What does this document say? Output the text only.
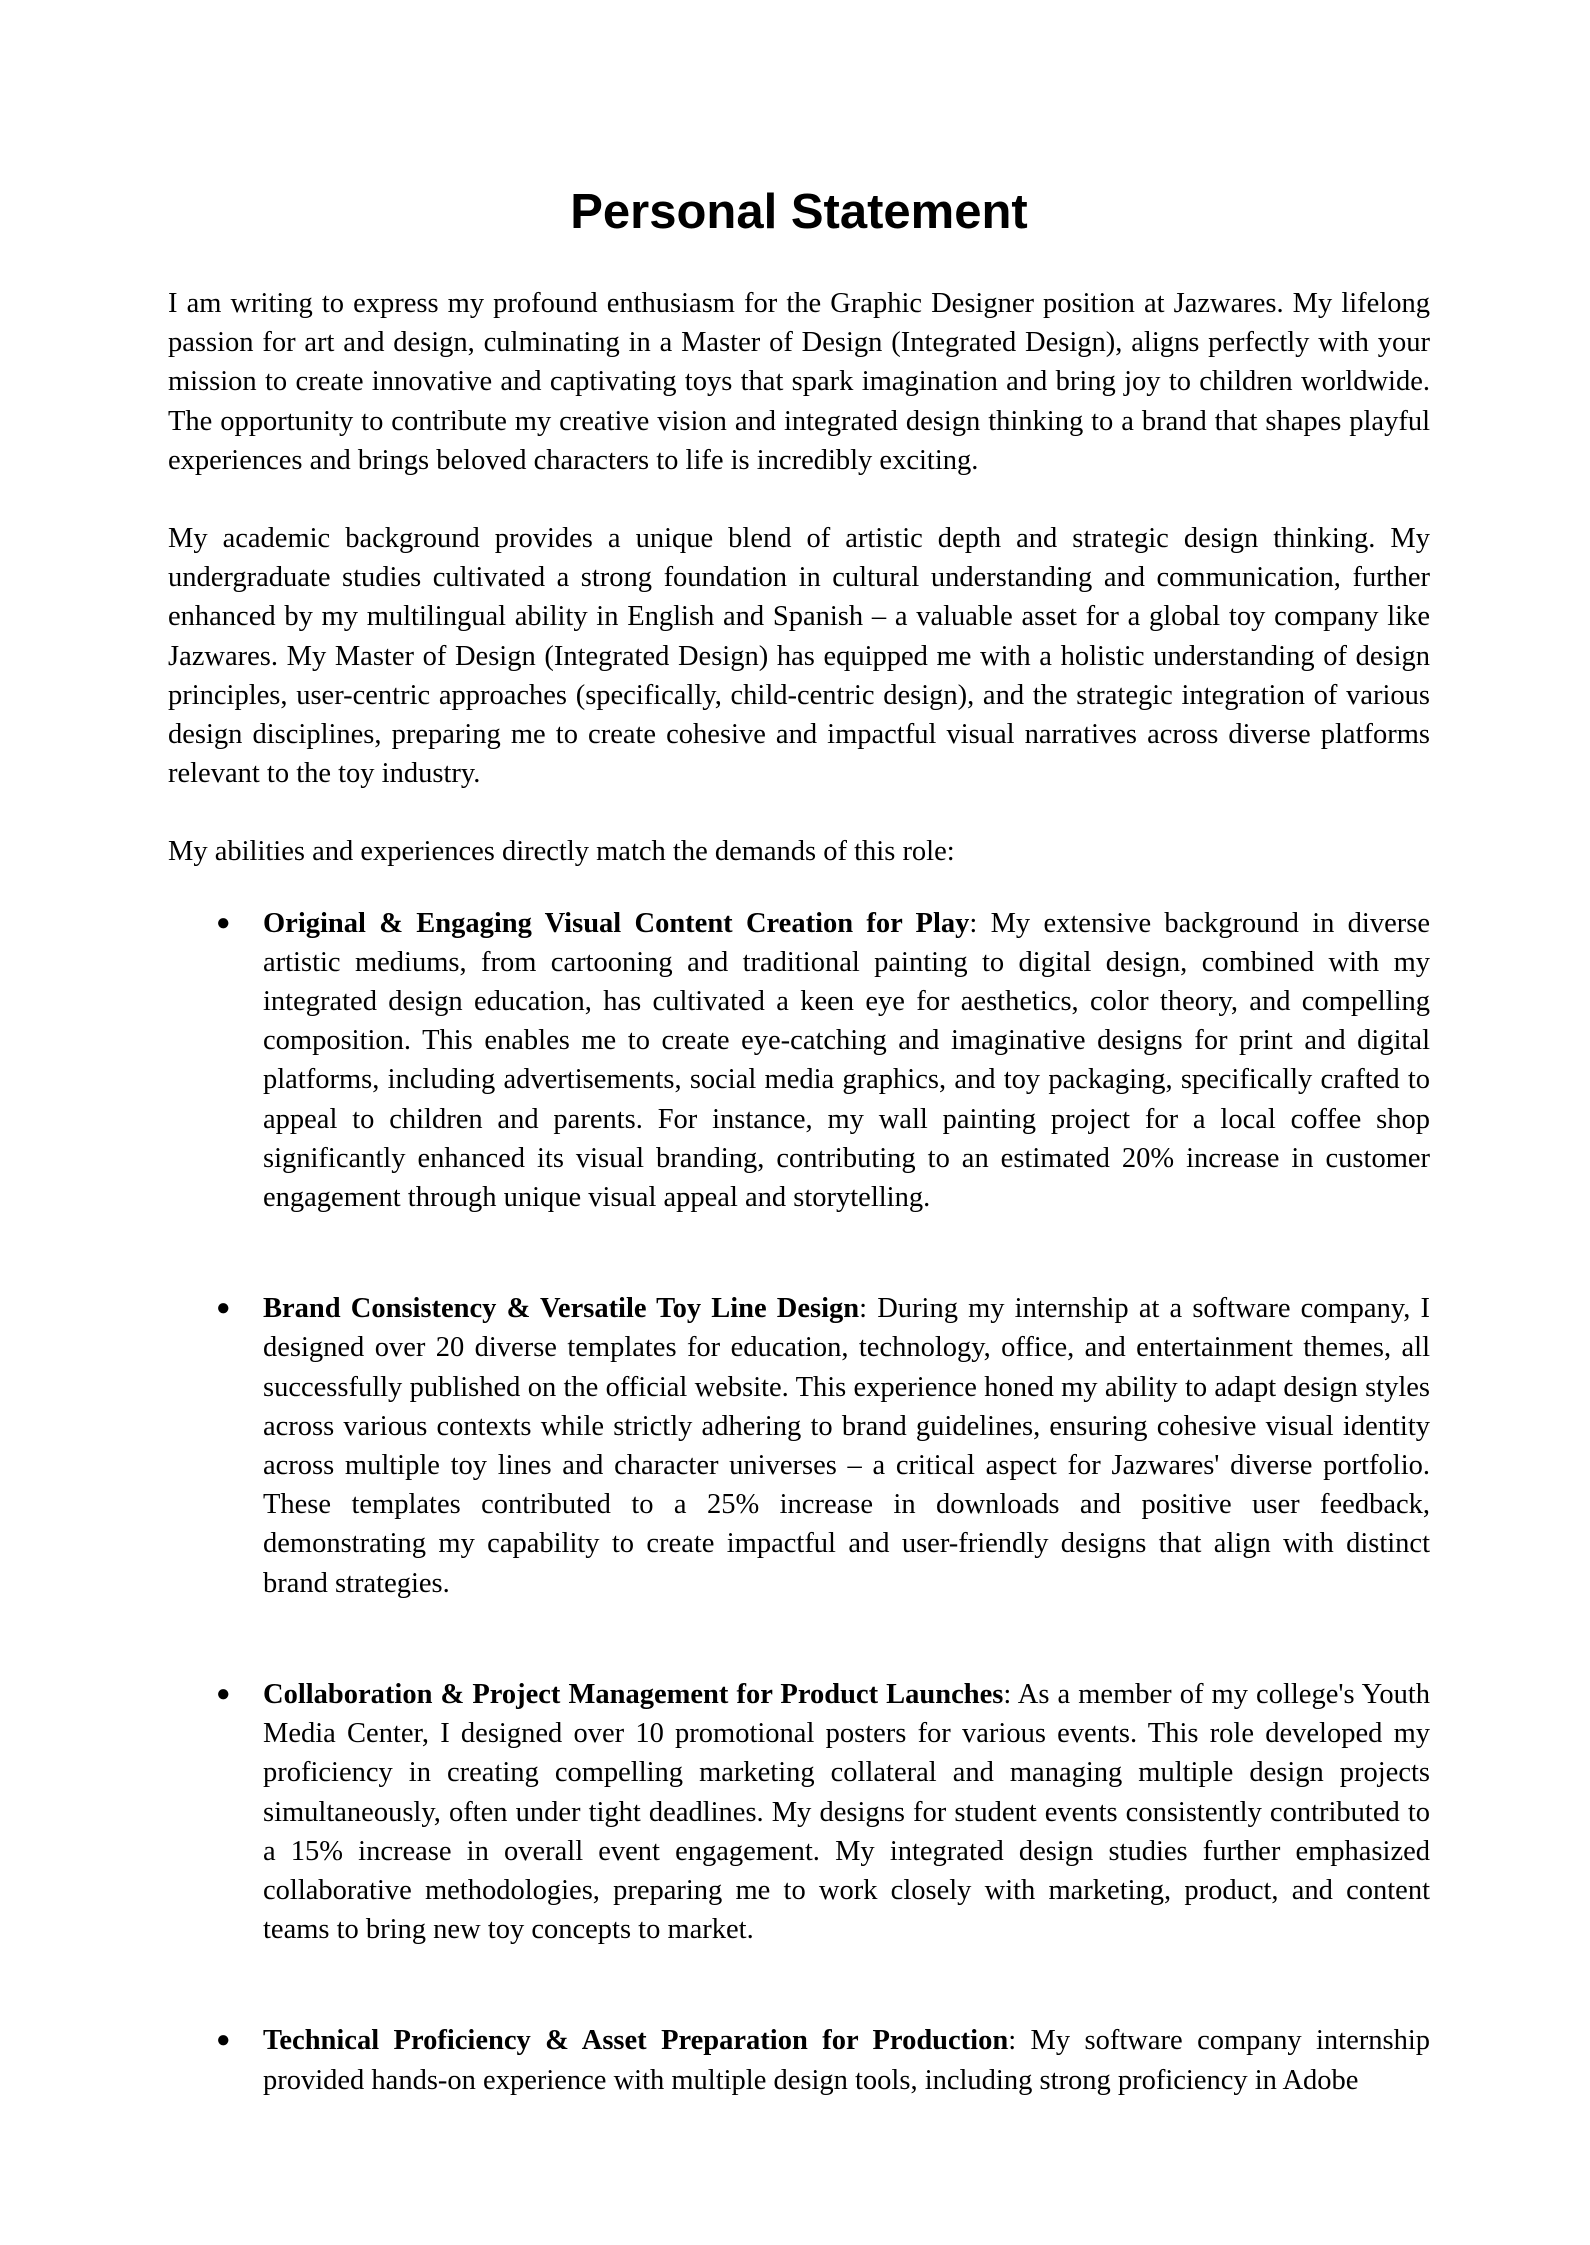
Personal Statement

I am writing to express my profound enthusiasm for the Graphic Designer position at Jazwares. My lifelong passion for art and design, culminating in a Master of Design (Integrated Design), aligns perfectly with your mission to create innovative and captivating toys that spark imagination and bring joy to children worldwide. The opportunity to contribute my creative vision and integrated design thinking to a brand that shapes playful experiences and brings beloved characters to life is incredibly exciting.

My academic background provides a unique blend of artistic depth and strategic design thinking. My undergraduate studies cultivated a strong foundation in cultural understanding and communication, further enhanced by my multilingual ability in English and Spanish – a valuable asset for a global toy company like Jazwares. My Master of Design (Integrated Design) has equipped me with a holistic understanding of design principles, user-centric approaches (specifically, child-centric design), and the strategic integration of various design disciplines, preparing me to create cohesive and impactful visual narratives across diverse platforms relevant to the toy industry.

My abilities and experiences directly match the demands of this role:

● Original & Engaging Visual Content Creation for Play: My extensive background in diverse artistic mediums, from cartooning and traditional painting to digital design, combined with my integrated design education, has cultivated a keen eye for aesthetics, color theory, and compelling composition. This enables me to create eye-catching and imaginative designs for print and digital platforms, including advertisements, social media graphics, and toy packaging, specifically crafted to appeal to children and parents. For instance, my wall painting project for a local coffee shop significantly enhanced its visual branding, contributing to an estimated 20% increase in customer engagement through unique visual appeal and storytelling.
● Brand Consistency & Versatile Toy Line Design: During my internship at a software company, I designed over 20 diverse templates for education, technology, office, and entertainment themes, all successfully published on the official website. This experience honed my ability to adapt design styles across various contexts while strictly adhering to brand guidelines, ensuring cohesive visual identity across multiple toy lines and character universes – a critical aspect for Jazwares' diverse portfolio. These templates contributed to a 25% increase in downloads and positive user feedback, demonstrating my capability to create impactful and user-friendly designs that align with distinct brand strategies.
● Collaboration & Project Management for Product Launches: As a member of my college's Youth Media Center, I designed over 10 promotional posters for various events. This role developed my proficiency in creating compelling marketing collateral and managing multiple design projects simultaneously, often under tight deadlines. My designs for student events consistently contributed to a 15% increase in overall event engagement. My integrated design studies further emphasized collaborative methodologies, preparing me to work closely with marketing, product, and content teams to bring new toy concepts to market.
● Technical Proficiency & Asset Preparation for Production: My software company internship provided hands-on experience with multiple design tools, including strong proficiency in Adobe
